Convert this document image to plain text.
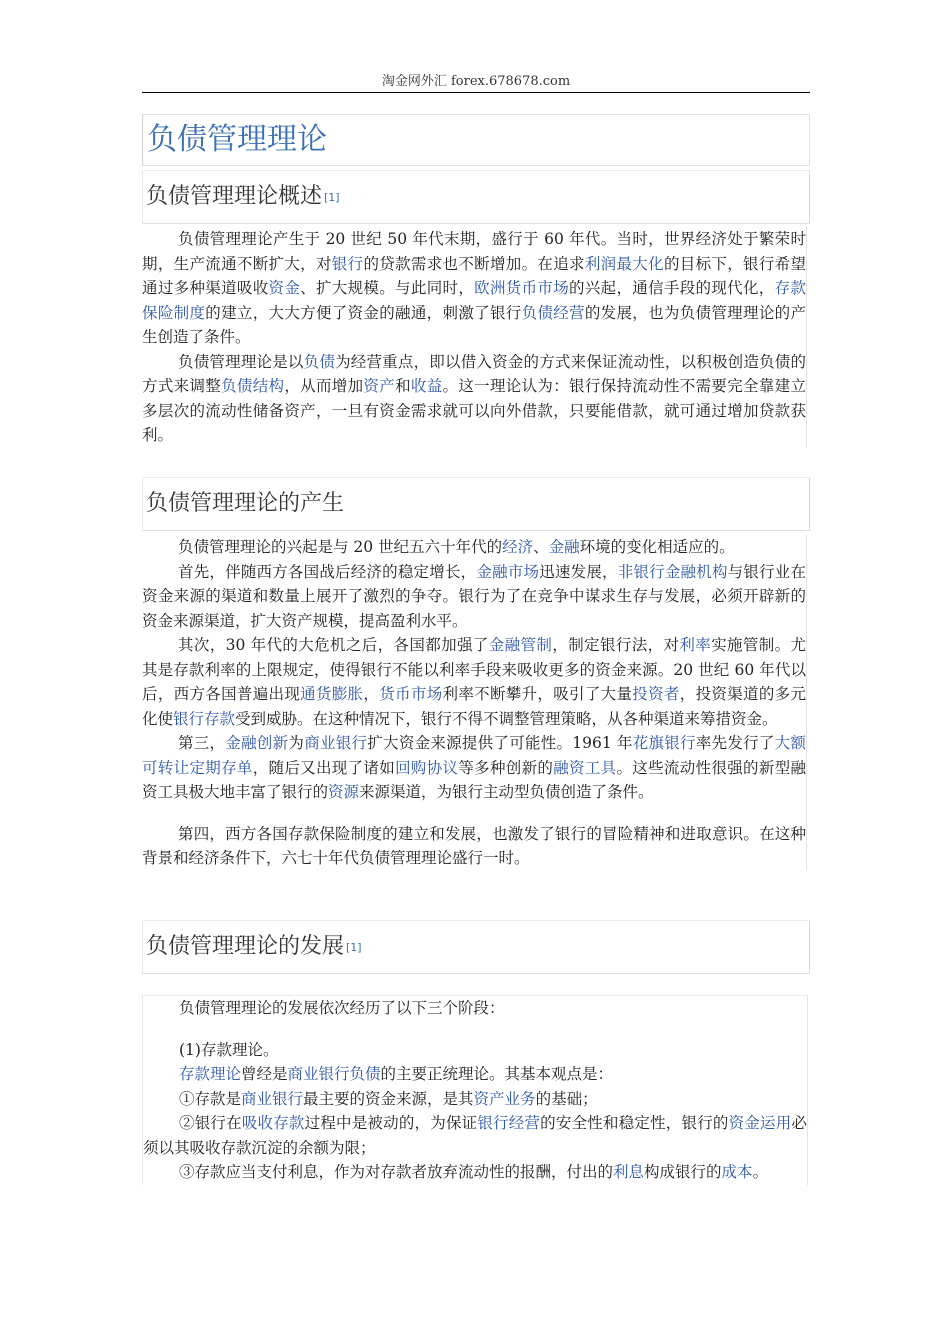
淘金网外汇 forex.678678.com
负债管理理论
负债管理理论概述 [1]

负债管理理论产生于 20 世纪 50 年代末期，盛行于 60 年代。当时，世界经济处于繁荣时期，生产流通不断扩大，对银行的贷款需求也不断增加。在追求利润最大化的目标下，银行希望通过多种渠道吸收资金、扩大规模。与此同时，欧洲货币市场的兴起，通信手段的现代化，存款保险制度的建立，大大方便了资金的融通，刺激了银行负债经营的发展，也为负债管理理论的产生创造了条件。

负债管理理论是以负债为经营重点，即以借入资金的方式来保证流动性，以积极创造负债的方式来调整负债结构，从而增加资产和收益。这一理论认为：银行保持流动性不需要完全靠建立多层次的流动性储备资产，一旦有资金需求就可以向外借款，只要能借款，就可通过增加贷款获利。

负债管理理论的产生

负债管理理论的兴起是与 20 世纪五六十年代的经济、金融环境的变化相适应的。

首先，伴随西方各国战后经济的稳定增长，金融市场迅速发展，非银行金融机构与银行业在资金来源的渠道和数量上展开了激烈的争夺。银行为了在竞争中谋求生存与发展，必须开辟新的资金来源渠道，扩大资产规模，提高盈利水平。

其次，30 年代的大危机之后，各国都加强了金融管制，制定银行法，对利率实施管制。尤其是存款利率的上限规定，使得银行不能以利率手段来吸收更多的资金来源。20 世纪 60 年代以后，西方各国普遍出现通货膨胀，货币市场利率不断攀升，吸引了大量投资者，投资渠道的多元化使银行存款受到威胁。在这种情况下，银行不得不调整管理策略，从各种渠道来筹措资金。

第三，金融创新为商业银行扩大资金来源提供了可能性。1961 年花旗银行率先发行了大额可转让定期存单，随后又出现了诸如回购协议等多种创新的融资工具。这些流动性很强的新型融资工具极大地丰富了银行的资源来源渠道，为银行主动型负债创造了条件。

第四，西方各国存款保险制度的建立和发展，也激发了银行的冒险精神和进取意识。在这种背景和经济条件下，六七十年代负债管理理论盛行一时。

负债管理理论的发展 [1]

负债管理理论的发展依次经历了以下三个阶段：

(1)存款理论。

存款理论曾经是商业银行负债的主要正统理论。其基本观点是：

①存款是商业银行最主要的资金来源，是其资产业务的基础；

②银行在吸收存款过程中是被动的，为保证银行经营的安全性和稳定性，银行的资金运用必须以其吸收存款沉淀的余额为限；

③存款应当支付利息，作为对存款者放弃流动性的报酬，付出的利息构成银行的成本。
